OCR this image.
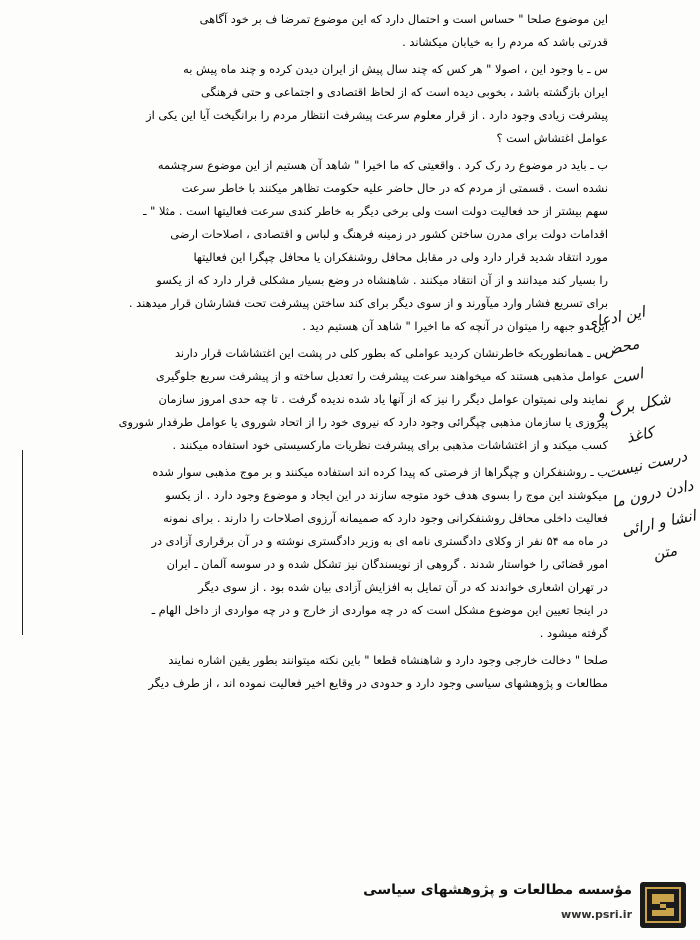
این موضوع صلحا " حساس است و احتمال دارد که این موضوع تمرضا ف بر خود آگاهی
قدرتی باشد که مردم را به خیابان میکشاند .

س ـ با وجود این ، اصولا " هر کس که چند سال پیش از ایران دیدن کرده و چند ماه پیش به
ایران بازگشته باشد ، بخوبی دیده است که از لحاظ اقتصادی و اجتماعی و حتی فرهنگی
پیشرفت زیادی وجود دارد . از قرار معلوم سرعت پیشرفت انتظار مردم را برانگیخت آیا این یکی از
عوامل اغتشاش است ؟

ب ـ باید در موضوع رد رک کرد . واقعیتی که ما اخیرا " شاهد آن هستیم از این موضوع سرچشمه
نشده است . قسمتی از مردم که در حال حاضر علیه حکومت تظاهر میکنند با خاطر سرعت
سهم بیشتر از حد فعالیت دولت است ولی برخی دیگر به خاطر کندی سرعت فعالیتها است . مثلا " ـ
اقدامات دولت برای مدرن ساختن کشور در زمینه فرهنگ و لباس و اقتصادی ، اصلاحات ارضی
مورد انتقاد شدید قرار دارد ولی در مقابل محافل روشنفکران یا محافل چپگرا این فعالیتها
را بسیار کند میدانند و از آن انتقاد میکنند . شاهنشاه در وضع بسیار مشکلی قرار دارد که از یکسو
برای تسریع فشار وارد میآورند و از سوی دیگر برای کند ساختن پیشرفت تحت فشارشان قرار میدهند .
این دو جبهه را میتوان در آنچه که ما اخیرا " شاهد آن هستیم دید .

س ـ همانطوریکه خاطرنشان کردید عواملی که بطور کلی در پشت این اغتشاشات قرار دارند
عوامل مذهبی هستند که میخواهند سرعت پیشرفت را تعدیل ساخته و از پیشرفت سریع جلوگیری
نمایند ولی نمیتوان عوامل دیگر را نیز که از آنها یاد شده ندیده گرفت . تا چه حدی امروز سازمان
پیروزی یا سازمان مذهبی چپگرائی وجود دارد که نیروی خود را از اتحاد شوروی یا عوامل طرفدار شوروی
کسب میکند و از اغتشاشات مذهبی برای پیشرفت نظریات مارکسیستی خود استفاده میکنند .

ب ـ روشنفکران و چپگراها از فرصتی که پیدا کرده اند استفاده میکنند و بر موج مذهبی سوار شده
میکوشند این موج را بسوی هدف خود متوجه سازند در این ایجاد و موضوع وجود دارد . از یکسو
فعالیت داخلی محافل روشنفکرانی وجود دارد که صمیمانه آرزوی اصلاحات را دارند . برای نمونه
در ماه مه ۵۴ نفر از وکلای دادگستری نامه ای به وزیر دادگستری نوشته و در آن برقراری آزادی در
امور قضائی را خواستار شدند . گروهی از نویسندگان نیز تشکل شده و در سوسه آلمان ـ ایران
در تهران اشعاری خواندند که در آن تمایل به افزایش آزادی بیان شده بود . از سوی دیگر
در اینجا تعیین این موضوع مشکل است که در چه مواردی از خارج و در چه مواردی از داخل الهام ـ
گرفته میشود .

صلحا " دخالت خارجی وجود دارد و شاهنشاه قطعا " باین نکته میتوانند بطور یقین اشاره نمایند
مطالعات و پژوهشهای سیاسی وجود دارد و حدودی در وقایع اخیر فعالیت نموده اند ، از طرف دیگر

این ادعای محض
است
شکل برگ و کاغذ
درست نیست
دادن درون ما
انشا و ارائی متن
مؤسسه مطالعات و پژوهشهای سیاسی
www.psri.ir
